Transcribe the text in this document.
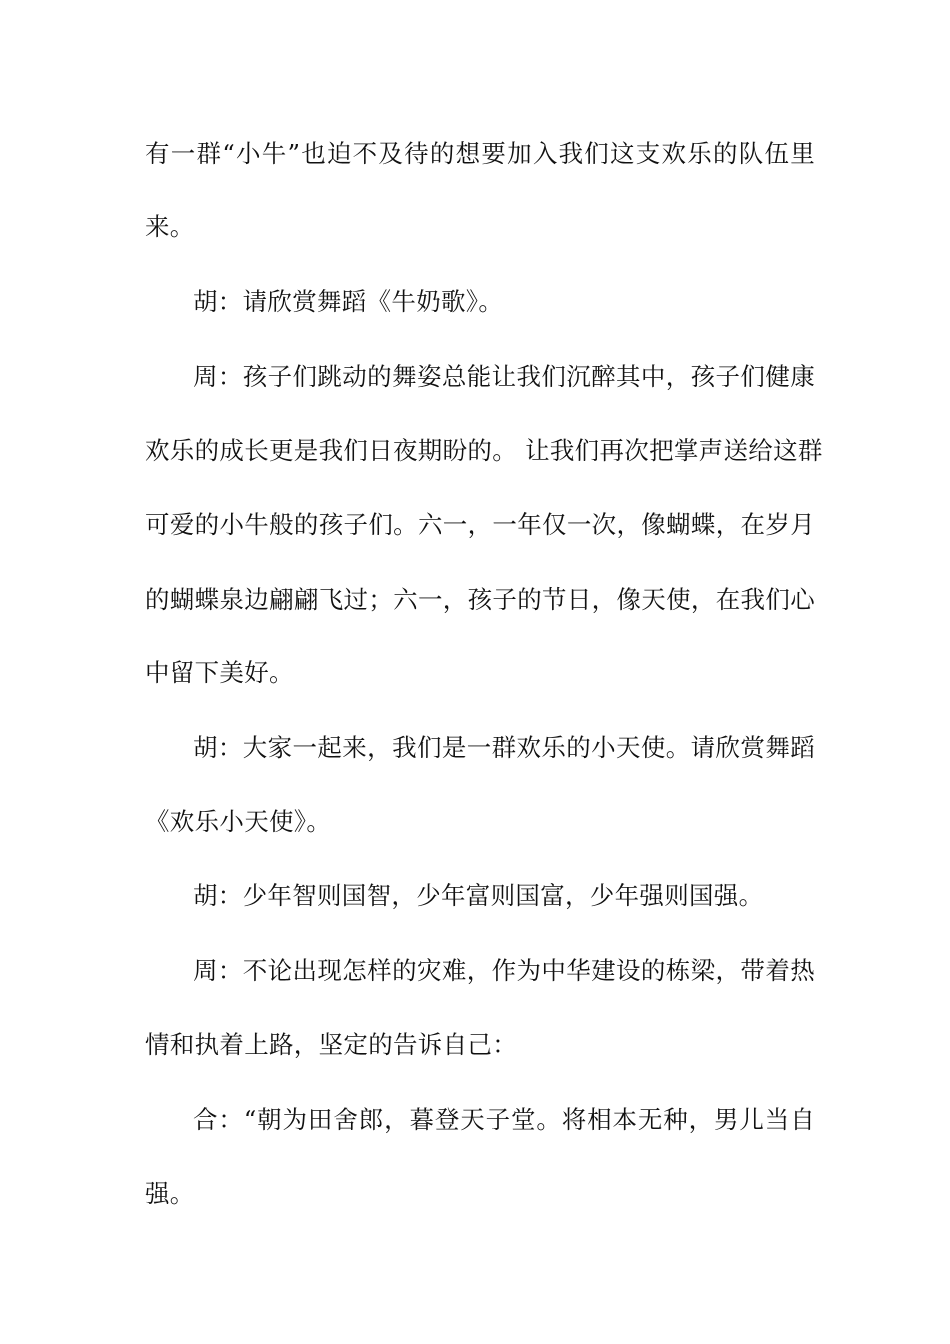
有一群“小牛”也迫不及待的想要加入我们这支欢乐的队伍里
来。
胡：请欣赏舞蹈《牛奶歌》。
周：孩子们跳动的舞姿总能让我们沉醉其中，孩子们健康
欢乐的成长更是我们日夜期盼的。 让我们再次把掌声送给这群
可爱的小牛般的孩子们。六一，一年仅一次，像蝴蝶，在岁月
的蝴蝶泉边翩翩飞过；六一，孩子的节日，像天使，在我们心
中留下美好。
胡：大家一起来，我们是一群欢乐的小天使。请欣赏舞蹈
《欢乐小天使》。
胡：少年智则国智，少年富则国富，少年强则国强。
周：不论出现怎样的灾难，作为中华建设的栋梁，带着热
情和执着上路，坚定的告诉自己：
合：“朝为田舍郎，暮登天子堂。将相本无种，男儿当自
强。
